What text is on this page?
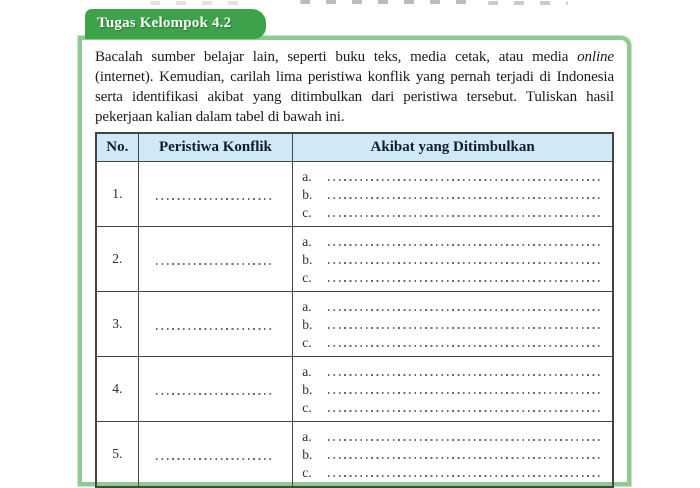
Tugas Kelompok 4.2

Bacalah sumber belajar lain, seperti buku teks, media cetak, atau media online (internet). Kemudian, carilah lima peristiwa konflik yang pernah terjadi di Indonesia serta identifikasi akibat yang ditimbulkan dari peristiwa tersebut. Tuliskan hasil pekerjaan kalian dalam tabel di bawah ini.

No.	Peristiwa Konflik	Akibat yang Ditimbulkan
1.		a.
b.
c.

2.		a.
b.
c.

3.		a.
b.
c.

4.		a.
b.
c.

5.		a.
b.
c.
